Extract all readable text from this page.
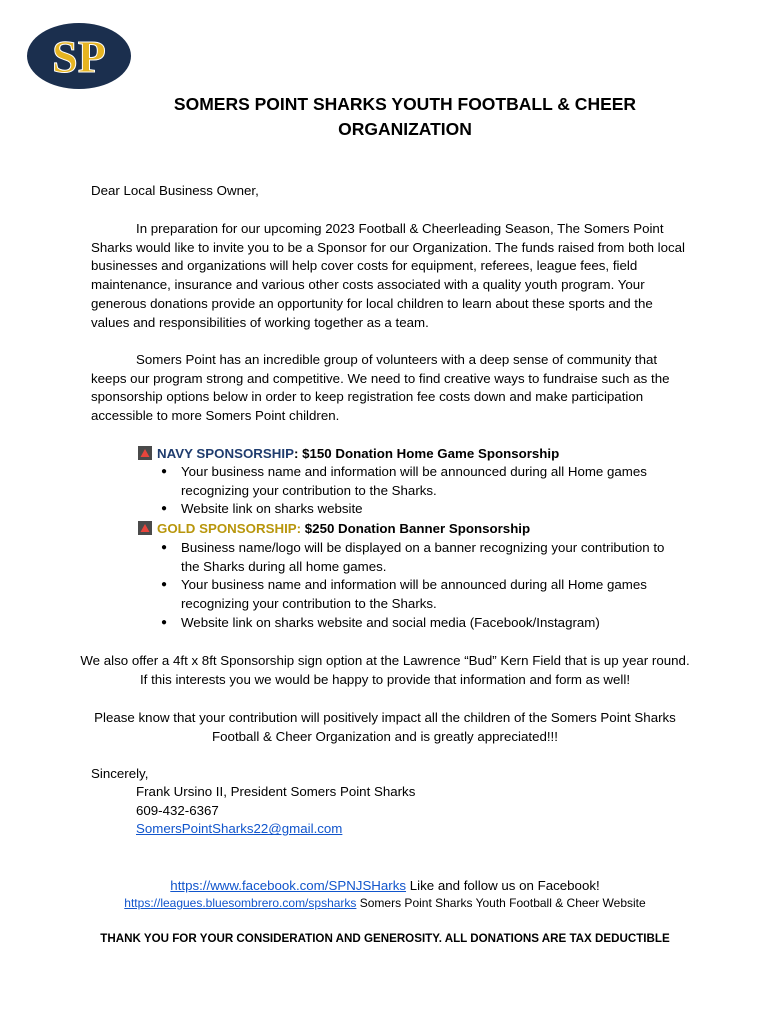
SP
SOMERS POINT SHARKS YOUTH FOOTBALL & CHEER
ORGANIZATION
Dear Local Business Owner,
In preparation for our upcoming 2023 Football & Cheerleading Season, The Somers Point Sharks would like to invite you to be a Sponsor for our Organization. The funds raised from both local businesses and organizations will help cover costs for equipment, referees, league fees, field maintenance, insurance and various other costs associated with a quality youth program. Your generous donations provide an opportunity for local children to learn about these sports and the values and responsibilities of working together as a team.
Somers Point has an incredible group of volunteers with a deep sense of community that keeps our program strong and competitive. We need to find creative ways to fundraise such as the sponsorship options below in order to keep registration fee costs down and make participation accessible to more Somers Point children.
NAVY SPONSORSHIP: $150 Donation Home Game Sponsorship
● Your business name and information will be announced during all Home games recognizing your contribution to the Sharks.
● Website link on sharks website
GOLD SPONSORSHIP: $250 Donation Banner Sponsorship
● Business name/logo will be displayed on a banner recognizing your contribution to the Sharks during all home games.
● Your business name and information will be announced during all Home games recognizing your contribution to the Sharks.
● Website link on sharks website and social media (Facebook/Instagram)
We also offer a 4ft x 8ft Sponsorship sign option at the Lawrence “Bud” Kern Field that is up year round. If this interests you we would be happy to provide that information and form as well!
Please know that your contribution will positively impact all the children of the Somers Point Sharks Football & Cheer Organization and is greatly appreciated!!!
Sincerely,
Frank Ursino II, President Somers Point Sharks
609-432-6367
SomersPointSharks22@gmail.com
https://www.facebook.com/SPNJSHarks Like and follow us on Facebook!
https://leagues.bluesombrero.com/spsharks Somers Point Sharks Youth Football & Cheer Website
THANK YOU FOR YOUR CONSIDERATION AND GENEROSITY. ALL DONATIONS ARE TAX DEDUCTIBLE
